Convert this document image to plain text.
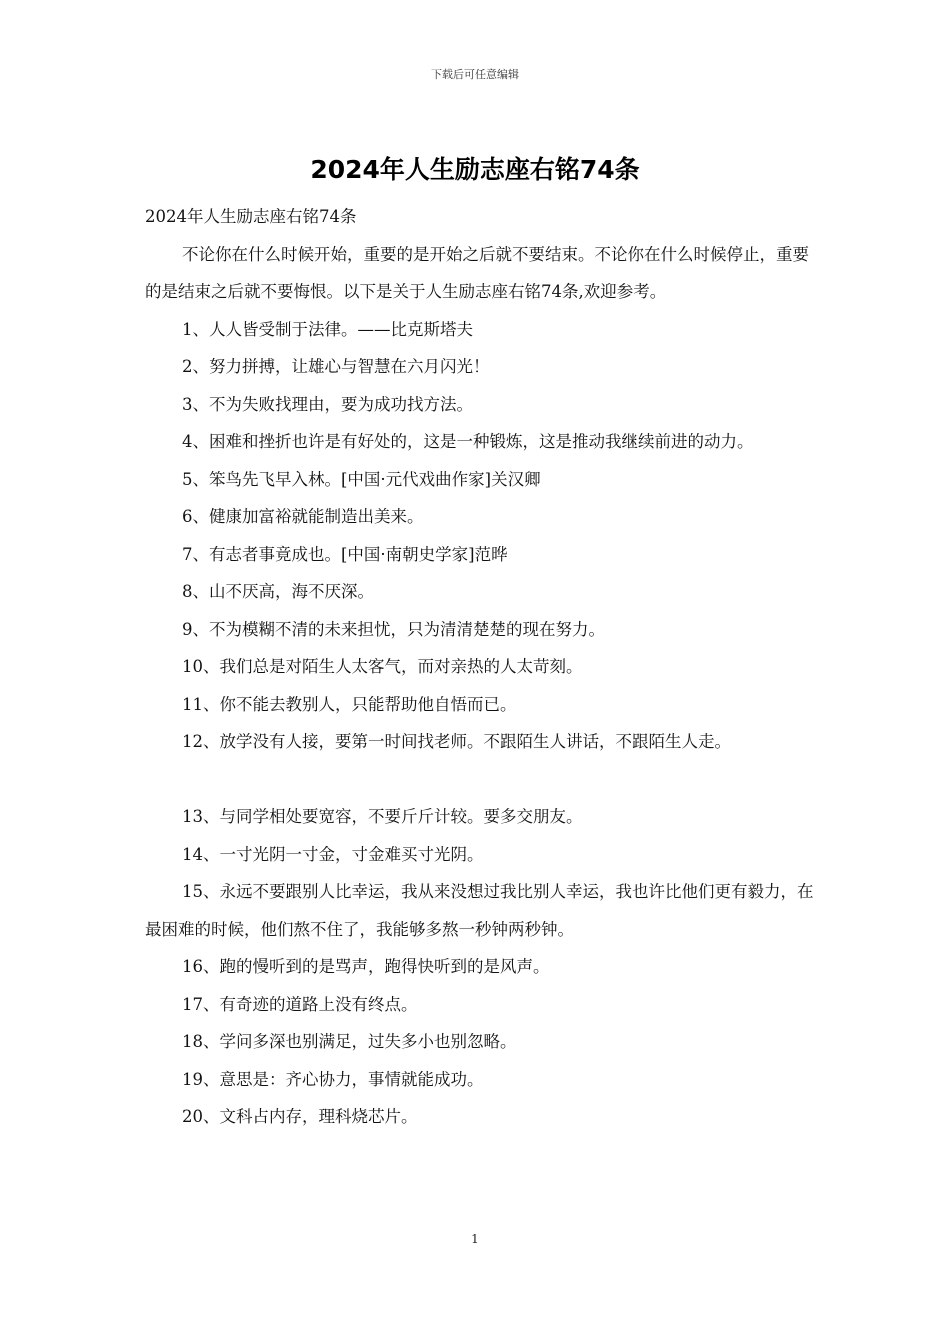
下载后可任意编辑
2024年人生励志座右铭74条

2024年人生励志座右铭74条

不论你在什么时候开始，重要的是开始之后就不要结束。不论你在什么时候停止，重要的是结束之后就不要悔恨。以下是关于人生励志座右铭74条,欢迎参考。

1、人人皆受制于法律。——比克斯塔夫

2、努力拼搏，让雄心与智慧在六月闪光！

3、不为失败找理由，要为成功找方法。

4、困难和挫折也许是有好处的，这是一种锻炼，这是推动我继续前进的动力。

5、笨鸟先飞早入林。[中国·元代戏曲作家]关汉卿

6、健康加富裕就能制造出美来。

7、有志者事竟成也。[中国·南朝史学家]范晔

8、山不厌高，海不厌深。

9、不为模糊不清的未来担忧，只为清清楚楚的现在努力。

10、我们总是对陌生人太客气，而对亲热的人太苛刻。

11、你不能去教别人，只能帮助他自悟而已。

12、放学没有人接，要第一时间找老师。不跟陌生人讲话，不跟陌生人走。

13、与同学相处要宽容，不要斤斤计较。要多交朋友。

14、一寸光阴一寸金，寸金难买寸光阴。

15、永远不要跟别人比幸运，我从来没想过我比别人幸运，我也许比他们更有毅力，在最困难的时候，他们熬不住了，我能够多熬一秒钟两秒钟。

16、跑的慢听到的是骂声，跑得快听到的是风声。

17、有奇迹的道路上没有终点。

18、学问多深也别满足，过失多小也别忽略。

19、意思是：齐心协力，事情就能成功。

20、文科占内存，理科烧芯片。

1
